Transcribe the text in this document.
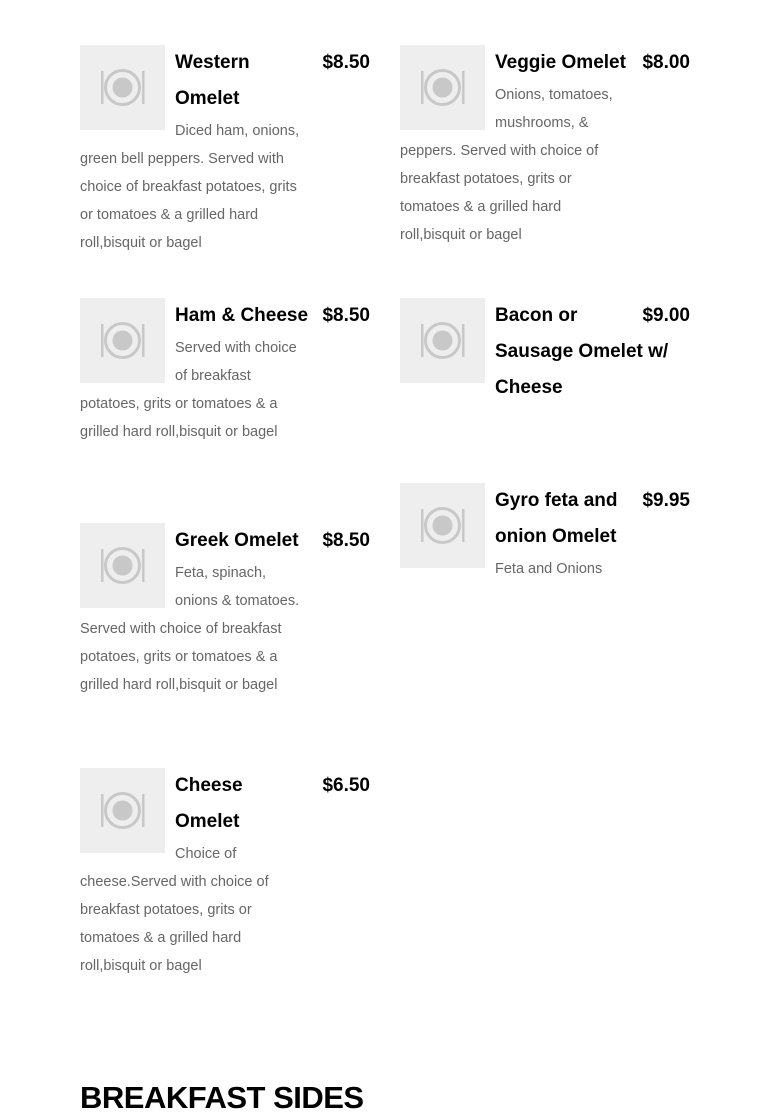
$8.50
Western Omelet
Diced ham, onions, green bell peppers. Served with choice of breakfast potatoes, grits or tomatoes & a grilled hard roll,bisquit or bagel
$8.50
Ham & Cheese
Served with choice of breakfast potatoes, grits or tomatoes & a grilled hard roll,bisquit or bagel
$8.50
Greek Omelet
Feta, spinach, onions & tomatoes. Served with choice of breakfast potatoes, grits or tomatoes & a grilled hard roll,bisquit or bagel
$6.50
Cheese Omelet
Choice of cheese.Served with choice of breakfast potatoes, grits or tomatoes & a grilled hard roll,bisquit or bagel
$8.00
Veggie Omelet
Onions, tomatoes, mushrooms, & peppers. Served with choice of breakfast potatoes, grits or tomatoes & a grilled hard roll,bisquit or bagel
$9.00
Bacon or Sausage Omelet w/ Cheese
$9.95
Gyro feta and onion Omelet
Feta and Onions
BREAKFAST SIDES
